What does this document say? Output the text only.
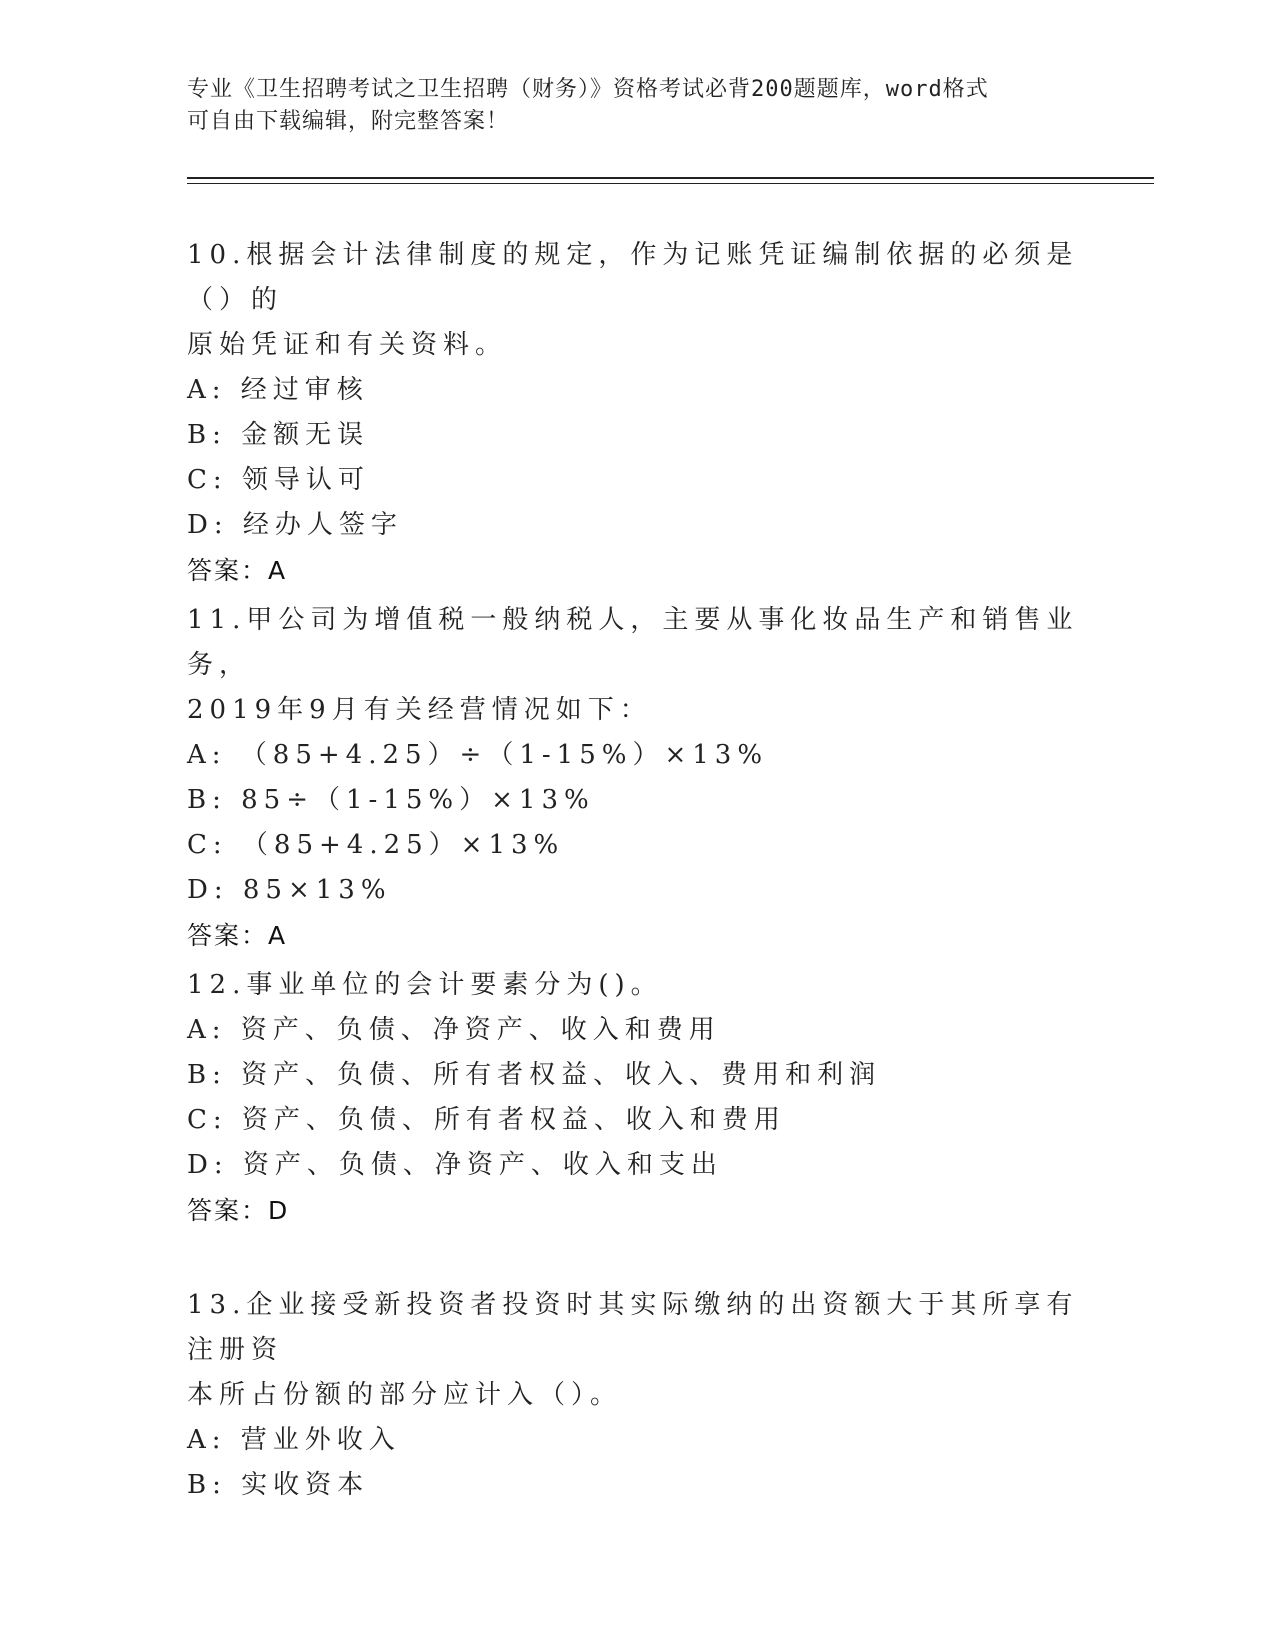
专业《卫生招聘考试之卫生招聘（财务）》资格考试必背200题题库，word格式
可自由下载编辑，附完整答案！

10.根据会计法律制度的规定，作为记账凭证编制依据的必须是（）的

原始凭证和有关资料。

A: 经过审核

B: 金额无误

C: 领导认可

D: 经办人签字

答案：A

11.甲公司为增值税一般纳税人，主要从事化妆品生产和销售业务，

2019年9月有关经营情况如下：

A: （85+4.25）÷（1-15%）×13%

B: 85÷（1-15%）×13%

C: （85+4.25）×13%

D: 85×13%

答案：A

12.事业单位的会计要素分为()。

A: 资产、负债、净资产、收入和费用

B: 资产、负债、所有者权益、收入、费用和利润

C: 资产、负债、所有者权益、收入和费用

D: 资产、负债、净资产、收入和支出

答案：D

13.企业接受新投资者投资时其实际缴纳的出资额大于其所享有注册资

本所占份额的部分应计入（）。

A: 营业外收入

B: 实收资本
